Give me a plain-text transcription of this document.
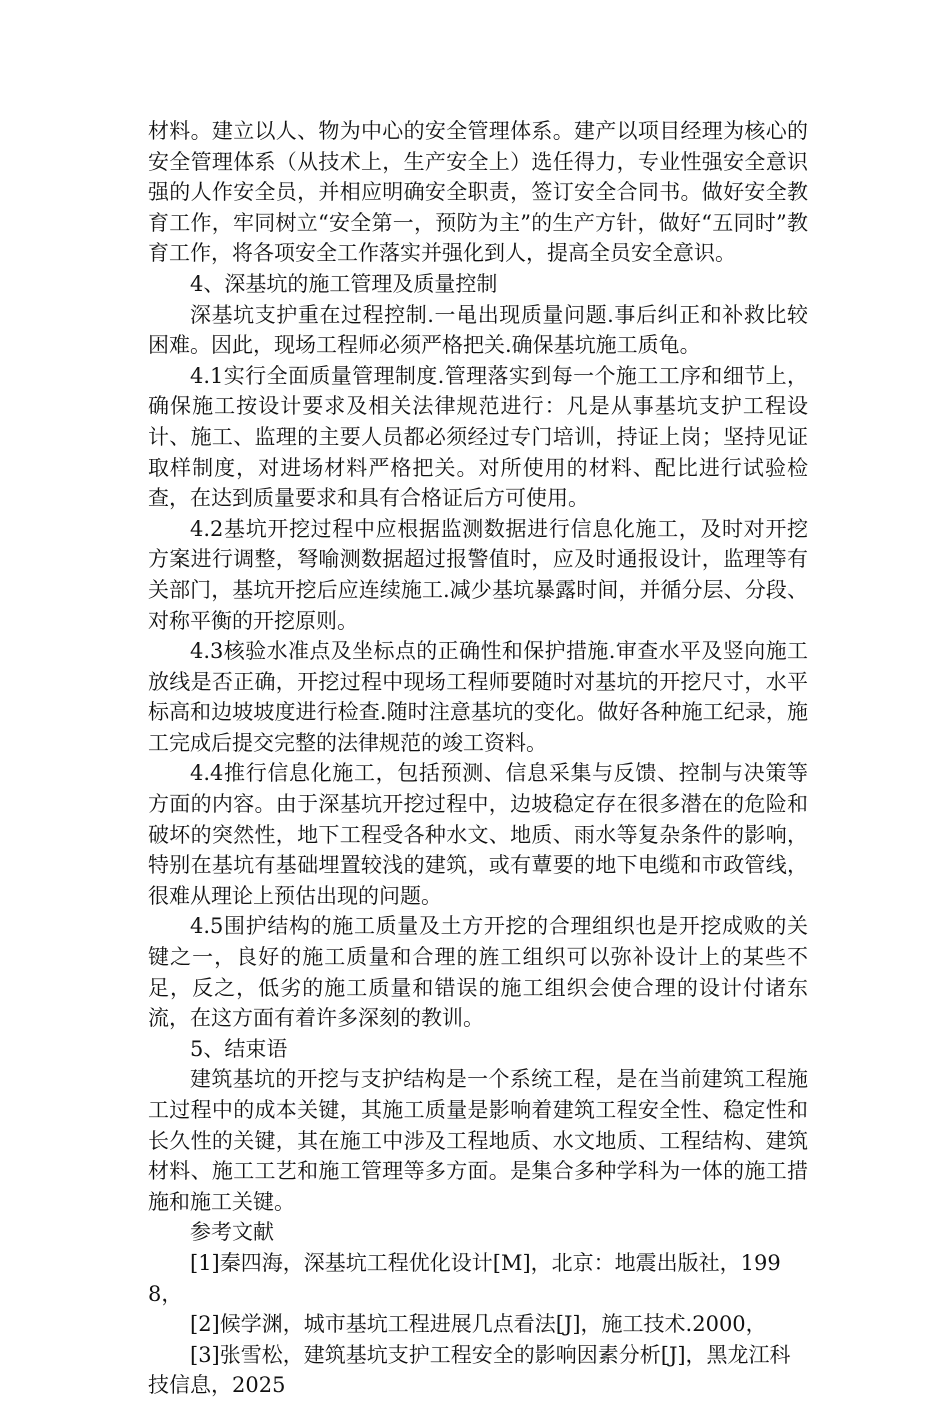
材料。建立以人、物为中心的安全管理体系。建产以项目经理为核心的安全管理体系（从技术上，生产安全上）选任得力，专业性强安全意识强的人作安全员，并相应明确安全职责，签订安全合同书。做好安全教育工作，牢同树立“安全第一，预防为主”的生产方针，做好“五同时”教育工作，将各项安全工作落实并强化到人，提高全员安全意识。

4、深基坑的施工管理及质量控制

深基坑支护重在过程控制.一黾出现质量问题.事后纠正和补救比较困难。因此，现场工程师必须严格把关.确保基坑施工质龟。

4.1实行全面质量管理制度.管理落实到每一个施工工序和细节上，确保施工按设计要求及相关法律规范进行：凡是从事基坑支护工程设计、施工、监理的主要人员都必须经过专门培训，持证上岗；坚持见证取样制度，对进场材料严格把关。对所使用的材料、配比进行试验检查，在达到质量要求和具有合格证后方可使用。

4.2基坑开挖过程中应根据监测数据进行信息化施工，及时对开挖方案进行调整，弩喻测数据超过报警值时，应及时通报设计，监理等有关部门，基坑开挖后应连续施工.减少基坑暴露时间，并循分层、分段、对称平衡的开挖原则。

4.3核验水准点及坐标点的正确性和保护措施.审查水平及竖向施工放线是否正确，开挖过程中现场工程师要随时对基坑的开挖尺寸，水平标高和边坡坡度进行检查.随时注意基坑的变化。做好各种施工纪录，施工完成后提交完整的法律规范的竣工资料。

4.4推行信息化施工，包括预测、信息采集与反馈、控制与决策等方面的内容。由于深基坑开挖过程中，边坡稳定存在很多潜在的危险和破坏的突然性，地下工程受各种水文、地质、雨水等复杂条件的影响，特别在基坑有基础埋置较浅的建筑，或有蕈要的地下电缆和市政管线，很难从理论上预估出现的问题。

4.5围护结构的施工质量及土方开挖的合理组织也是开挖成败的关键之一，良好的施工质量和合理的旌工组织可以弥补设计上的某些不足，反之，低劣的施工质量和错误的施工组织会使合理的设计付诸东流，在这方面有着许多深刻的教训。

5、结束语

建筑基坑的开挖与支护结构是一个系统工程，是在当前建筑工程施工过程中的成本关键，其施工质量是影响着建筑工程安全性、稳定性和长久性的关键，其在施工中涉及工程地质、水文地质、工程结构、建筑材料、施工工艺和施工管理等多方面。是集合多种学科为一体的施工措施和施工关键。

参考文献

[1]秦四海，深基坑工程优化设计[M]，北京：地震出版社，1998，
[2]候学渊，城市基坑工程进展几点看法[J]，施工技术.2000，
[3]张雪松，建筑基坑支护工程安全的影响因素分析[J]，黑龙江科技信息，2025
